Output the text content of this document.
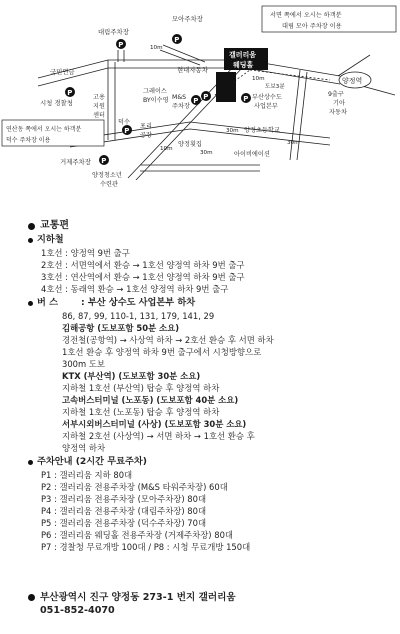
서면 쪽에서 오시는 하객분
대림 모아 주차장 이용
연산동 쪽에서 오시는 하객분
덕수 주차장 이용
대림주차장
P
모아주차장
P
P P
P
P
P
P
갤러리움
웨딩홀
양정역
국민연금	현대자동차
도보3분
그레이스
BY이수영 M&S
주차장
부산상수도
사업본부
9출구
기아
자동차
시청 경찰청
고용
지원
센터
포리
공장
덕수
양정횟집
양정초등학교
거제주차장
아이비에이션
양정청소년
수련관
10m
10m
30m
30m
10m
30m
교통편
지하철
1호선 : 양정역 9번 출구
2호선 : 서면역에서 환승 → 1호선 양정역 하차 9번 출구
3호선 : 연산역에서 환승 → 1호선 양정역 하차 9번 출구
4호선 : 동래역 환승 → 1호선 양정역 하차 9번 출구
버 스	: 부산 상수도 사업본부 하차
86, 87, 99, 110-1, 131, 179, 141, 29
김해공항 (도보포함 50분 소요)
경전철(공항역) → 사상역 하차 → 2호선 환승 후 서면 하차
1호선 환승 후 양정역 하차 9번 출구에서 시청방향으로
300m 도보
KTX (부산역) (도보포함 30분 소요)
지하철 1호선 (부산역) 탑승 후 양정역 하차
고속버스터미널 (노포동) (도보포함 40분 소요)
지하철 1호선 (노포동) 탑승 후 양정역 하차
서부시외버스터미널 (사상) (도보포함 30분 소요)
지하철 2호선 (사상역) → 서면 하차 → 1호선 환승 후
양정역 하차
주차안내 (2시간 무료주차)
P1 : 갤러리움 지하 80대
P2 : 갤러리움 전용주차장 (M&S 타워주차장) 60대
P3 : 갤러리움 전용주차장 (모아주차장) 80대
P4 : 갤러리움 전용주차장 (대림주차장) 80대
P5 : 갤러리움 전용주차장 (덕수주차장) 70대
P6 : 갤러리움 웨딩홀 전용주차장 (거제주차장) 80대
P7 : 경찰청 무료개방 100대 / P8 : 시청 무료개방 150대
부산광역시 진구 양정동 273-1 번지 갤러리움
051-852-4070
